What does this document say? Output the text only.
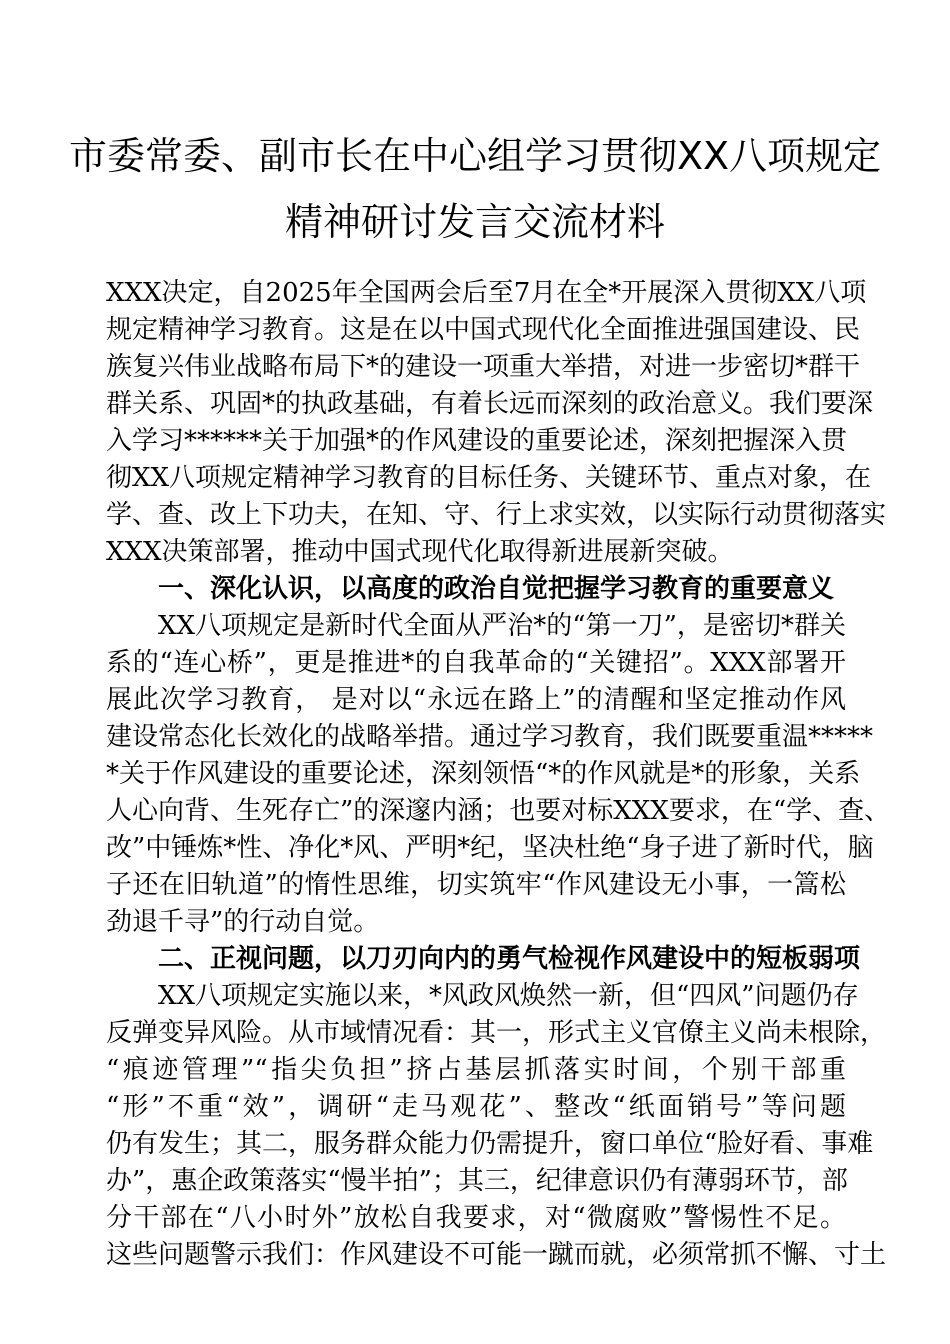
市委常委、副市长在中心组学习贯彻XX八项规定
精神研讨发言交流材料
XXX决定，自2025年全国两会后至7月在全*开展深入贯彻XX八项
规定精神学习教育。这是在以中国式现代化全面推进强国建设、民
族复兴伟业战略布局下*的建设一项重大举措，对进一步密切*群干
群关系、巩固*的执政基础，有着长远而深刻的政治意义。我们要深
入学习******关于加强*的作风建设的重要论述，深刻把握深入贯
彻XX八项规定精神学习教育的目标任务、关键环节、重点对象，在
学、查、改上下功夫，在知、守、行上求实效，以实际行动贯彻落实
XXX决策部署，推动中国式现代化取得新进展新突破。
一、深化认识，以高度的政治自觉把握学习教育的重要意义
XX八项规定是新时代全面从严治*的“第一刀”，是密切*群关
系的“连心桥”，更是推进*的自我革命的“关键招”。XXX部署开
展此次学习教育， 是对以“永远在路上”的清醒和坚定推动作风
建设常态化长效化的战略举措。通过学习教育，我们既要重温*****
*关于作风建设的重要论述，深刻领悟“*的作风就是*的形象，关系
人心向背、生死存亡”的深邃内涵；也要对标XXX要求，在“学、查、
改”中锤炼*性、净化*风、严明*纪，坚决杜绝“身子进了新时代，脑
子还在旧轨道”的惰性思维，切实筑牢“作风建设无小事，一篙松
劲退千寻”的行动自觉。
二、正视问题，以刀刃向内的勇气检视作风建设中的短板弱项
XX八项规定实施以来，*风政风焕然一新，但“四风”问题仍存
反弹变异风险。从市域情况看：其一，形式主义官僚主义尚未根除，
“痕迹管理”“指尖负担”挤占基层抓落实时间，个别干部重
“形”不重“效”，调研“走马观花”、整改“纸面销号”等问题
仍有发生；其二，服务群众能力仍需提升，窗口单位“脸好看、事难
办”，惠企政策落实“慢半拍”；其三，纪律意识仍有薄弱环节，部
分干部在“八小时外”放松自我要求，对“微腐败”警惕性不足。
这些问题警示我们：作风建设不可能一蹴而就，必须常抓不懈、寸土
